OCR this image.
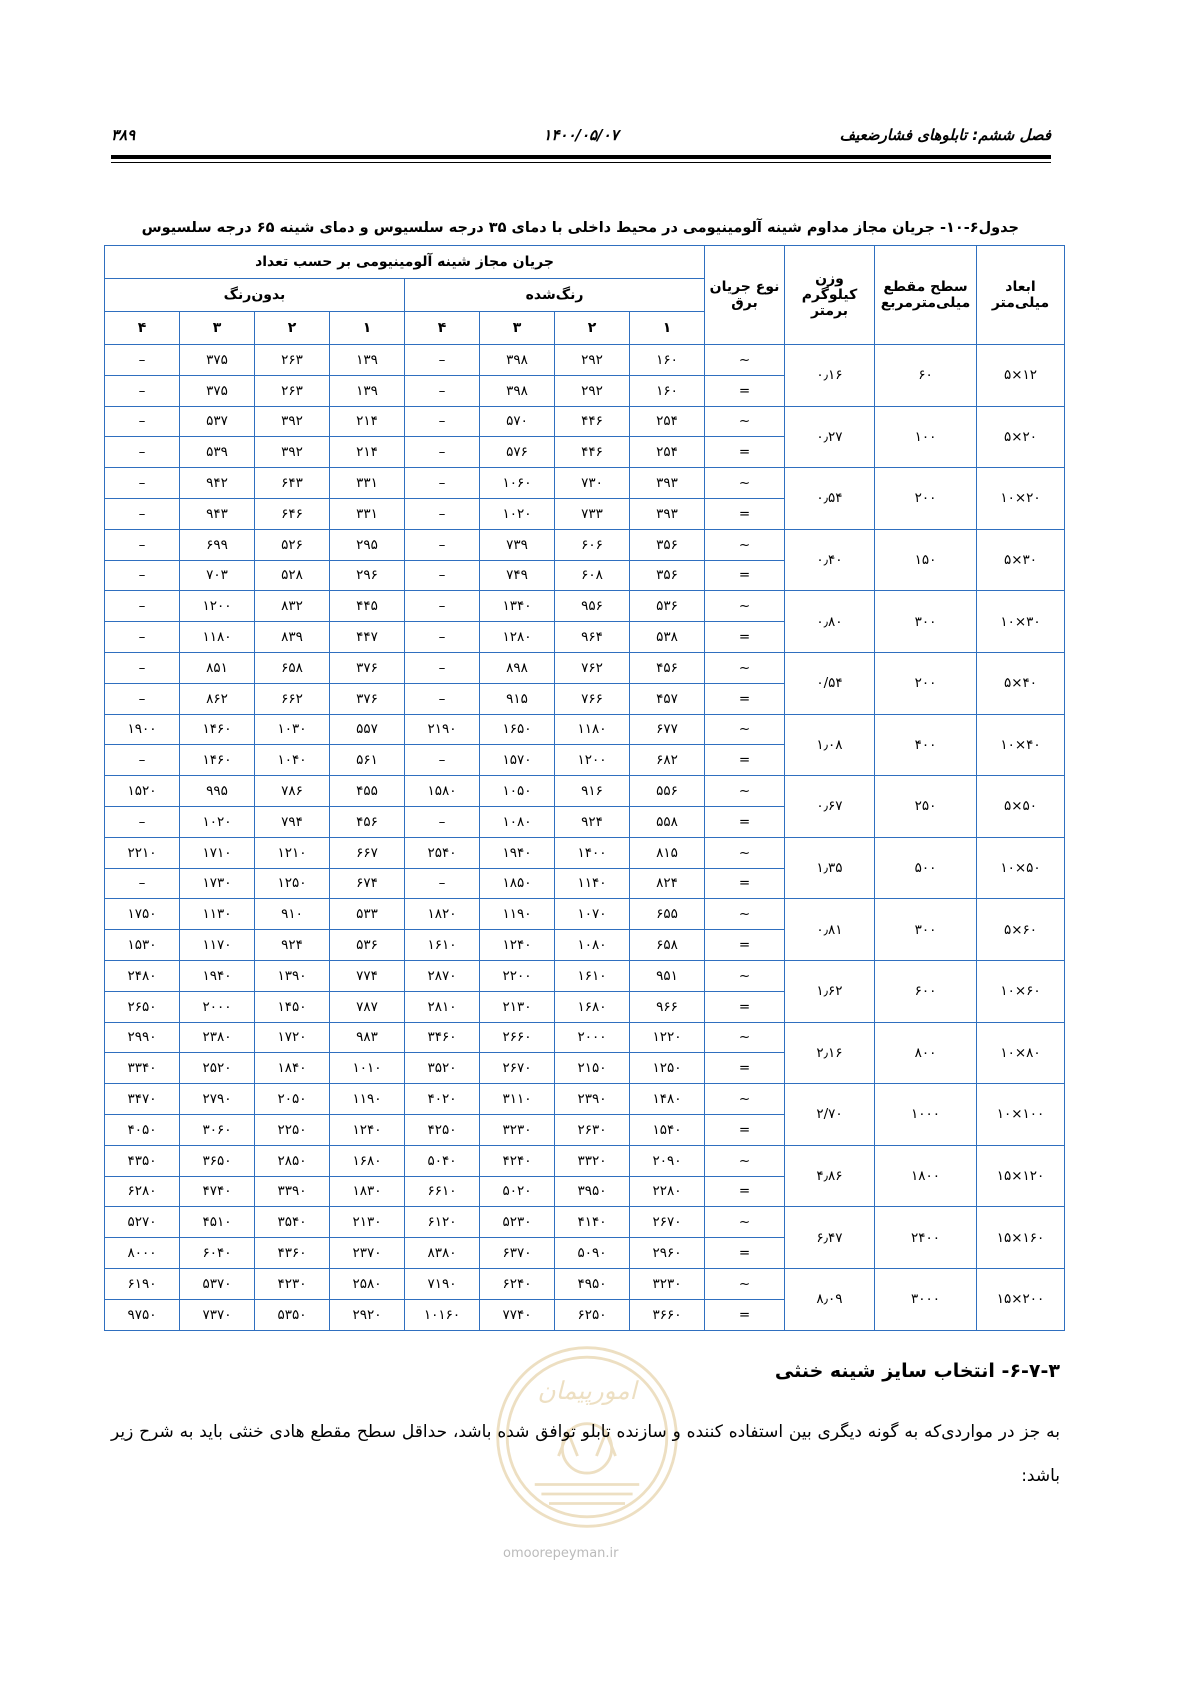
فصل ششم: تابلوهای فشارضعیف
۱۴۰۰/۰۵/۰۷
۳۸۹
جدول۶-۱۰- جریان مجاز مداوم شینه آلومینیومی در محیط داخلی با دمای ۳۵ درجه سلسیوس و دمای شینه ۶۵ درجه سلسیوس
ابعاد میلی‌متر	سطح مقطع میلی‌مترمربع	وزن کیلوگرم برمتر	نوع جریان برق	جریان مجاز شینه آلومینیومی بر حسب تعداد							
				رنگ‌شده				بدون‌رنگ			
				۱	۲	۳	۴	۱	۲	۳	۴
۱۲×۵	۶۰	۰٫۱۶	~	۱۶۰	۲۹۲	۳۹۸	–	۱۳۹	۲۶۳	۳۷۵	–
			=	۱۶۰	۲۹۲	۳۹۸	–	۱۳۹	۲۶۳	۳۷۵	–
۲۰×۵	۱۰۰	۰٫۲۷	~	۲۵۴	۴۴۶	۵۷۰	–	۲۱۴	۳۹۲	۵۳۷	–
			=	۲۵۴	۴۴۶	۵۷۶	–	۲۱۴	۳۹۲	۵۳۹	–
۲۰×۱۰	۲۰۰	۰٫۵۴	~	۳۹۳	۷۳۰	۱۰۶۰	–	۳۳۱	۶۴۳	۹۴۲	–
			=	۳۹۳	۷۳۳	۱۰۲۰	–	۳۳۱	۶۴۶	۹۴۳	–
۳۰×۵	۱۵۰	۰٫۴۰	~	۳۵۶	۶۰۶	۷۳۹	–	۲۹۵	۵۲۶	۶۹۹	–
			=	۳۵۶	۶۰۸	۷۴۹	–	۲۹۶	۵۲۸	۷۰۳	–
۳۰×۱۰	۳۰۰	۰٫۸۰	~	۵۳۶	۹۵۶	۱۳۴۰	–	۴۴۵	۸۳۲	۱۲۰۰	–
			=	۵۳۸	۹۶۴	۱۲۸۰	–	۴۴۷	۸۳۹	۱۱۸۰	–
۴۰×۵	۲۰۰	۰/۵۴	~	۴۵۶	۷۶۲	۸۹۸	–	۳۷۶	۶۵۸	۸۵۱	–
			=	۴۵۷	۷۶۶	۹۱۵	–	۳۷۶	۶۶۲	۸۶۲	–
۴۰×۱۰	۴۰۰	۱٫۰۸	~	۶۷۷	۱۱۸۰	۱۶۵۰	۲۱۹۰	۵۵۷	۱۰۳۰	۱۴۶۰	۱۹۰۰
			=	۶۸۲	۱۲۰۰	۱۵۷۰	–	۵۶۱	۱۰۴۰	۱۴۶۰	–
۵۰×۵	۲۵۰	۰٫۶۷	~	۵۵۶	۹۱۶	۱۰۵۰	۱۵۸۰	۴۵۵	۷۸۶	۹۹۵	۱۵۲۰
			=	۵۵۸	۹۲۴	۱۰۸۰	–	۴۵۶	۷۹۴	۱۰۲۰	–
۵۰×۱۰	۵۰۰	۱٫۳۵	~	۸۱۵	۱۴۰۰	۱۹۴۰	۲۵۴۰	۶۶۷	۱۲۱۰	۱۷۱۰	۲۲۱۰
			=	۸۲۴	۱۱۴۰	۱۸۵۰	–	۶۷۴	۱۲۵۰	۱۷۳۰	–
۶۰×۵	۳۰۰	۰٫۸۱	~	۶۵۵	۱۰۷۰	۱۱۹۰	۱۸۲۰	۵۳۳	۹۱۰	۱۱۳۰	۱۷۵۰
			=	۶۵۸	۱۰۸۰	۱۲۴۰	۱۶۱۰	۵۳۶	۹۲۴	۱۱۷۰	۱۵۳۰
۶۰×۱۰	۶۰۰	۱٫۶۲	~	۹۵۱	۱۶۱۰	۲۲۰۰	۲۸۷۰	۷۷۴	۱۳۹۰	۱۹۴۰	۲۴۸۰
			=	۹۶۶	۱۶۸۰	۲۱۳۰	۲۸۱۰	۷۸۷	۱۴۵۰	۲۰۰۰	۲۶۵۰
۸۰×۱۰	۸۰۰	۲٫۱۶	~	۱۲۲۰	۲۰۰۰	۲۶۶۰	۳۴۶۰	۹۸۳	۱۷۲۰	۲۳۸۰	۲۹۹۰
			=	۱۲۵۰	۲۱۵۰	۲۶۷۰	۳۵۲۰	۱۰۱۰	۱۸۴۰	۲۵۲۰	۳۳۴۰
۱۰۰×۱۰	۱۰۰۰	۲/۷۰	~	۱۴۸۰	۲۳۹۰	۳۱۱۰	۴۰۲۰	۱۱۹۰	۲۰۵۰	۲۷۹۰	۳۴۷۰
			=	۱۵۴۰	۲۶۳۰	۳۲۳۰	۴۲۵۰	۱۲۴۰	۲۲۵۰	۳۰۶۰	۴۰۵۰
۱۲۰×۱۵	۱۸۰۰	۴٫۸۶	~	۲۰۹۰	۳۳۲۰	۴۲۴۰	۵۰۴۰	۱۶۸۰	۲۸۵۰	۳۶۵۰	۴۳۵۰
			=	۲۲۸۰	۳۹۵۰	۵۰۲۰	۶۶۱۰	۱۸۳۰	۳۳۹۰	۴۷۴۰	۶۲۸۰
۱۶۰×۱۵	۲۴۰۰	۶٫۴۷	~	۲۶۷۰	۴۱۴۰	۵۲۳۰	۶۱۲۰	۲۱۳۰	۳۵۴۰	۴۵۱۰	۵۲۷۰
			=	۲۹۶۰	۵۰۹۰	۶۳۷۰	۸۳۸۰	۲۳۷۰	۴۳۶۰	۶۰۴۰	۸۰۰۰
۲۰۰×۱۵	۳۰۰۰	۸٫۰۹	~	۳۲۳۰	۴۹۵۰	۶۲۴۰	۷۱۹۰	۲۵۸۰	۴۲۳۰	۵۳۷۰	۶۱۹۰
			=	۳۶۶۰	۶۲۵۰	۷۷۴۰	۱۰۱۶۰	۲۹۲۰	۵۳۵۰	۷۳۷۰	۹۷۵۰
امورپیمان
omoorepeyman.ir
۶-۷-۳- انتخاب سایز شینه خنثی
به جز در مواردی‌که به گونه دیگری بین استفاده کننده و سازنده تابلو توافق شده باشد، حداقل سطح مقطع هادی خنثی باید به شرح زیر باشد:
